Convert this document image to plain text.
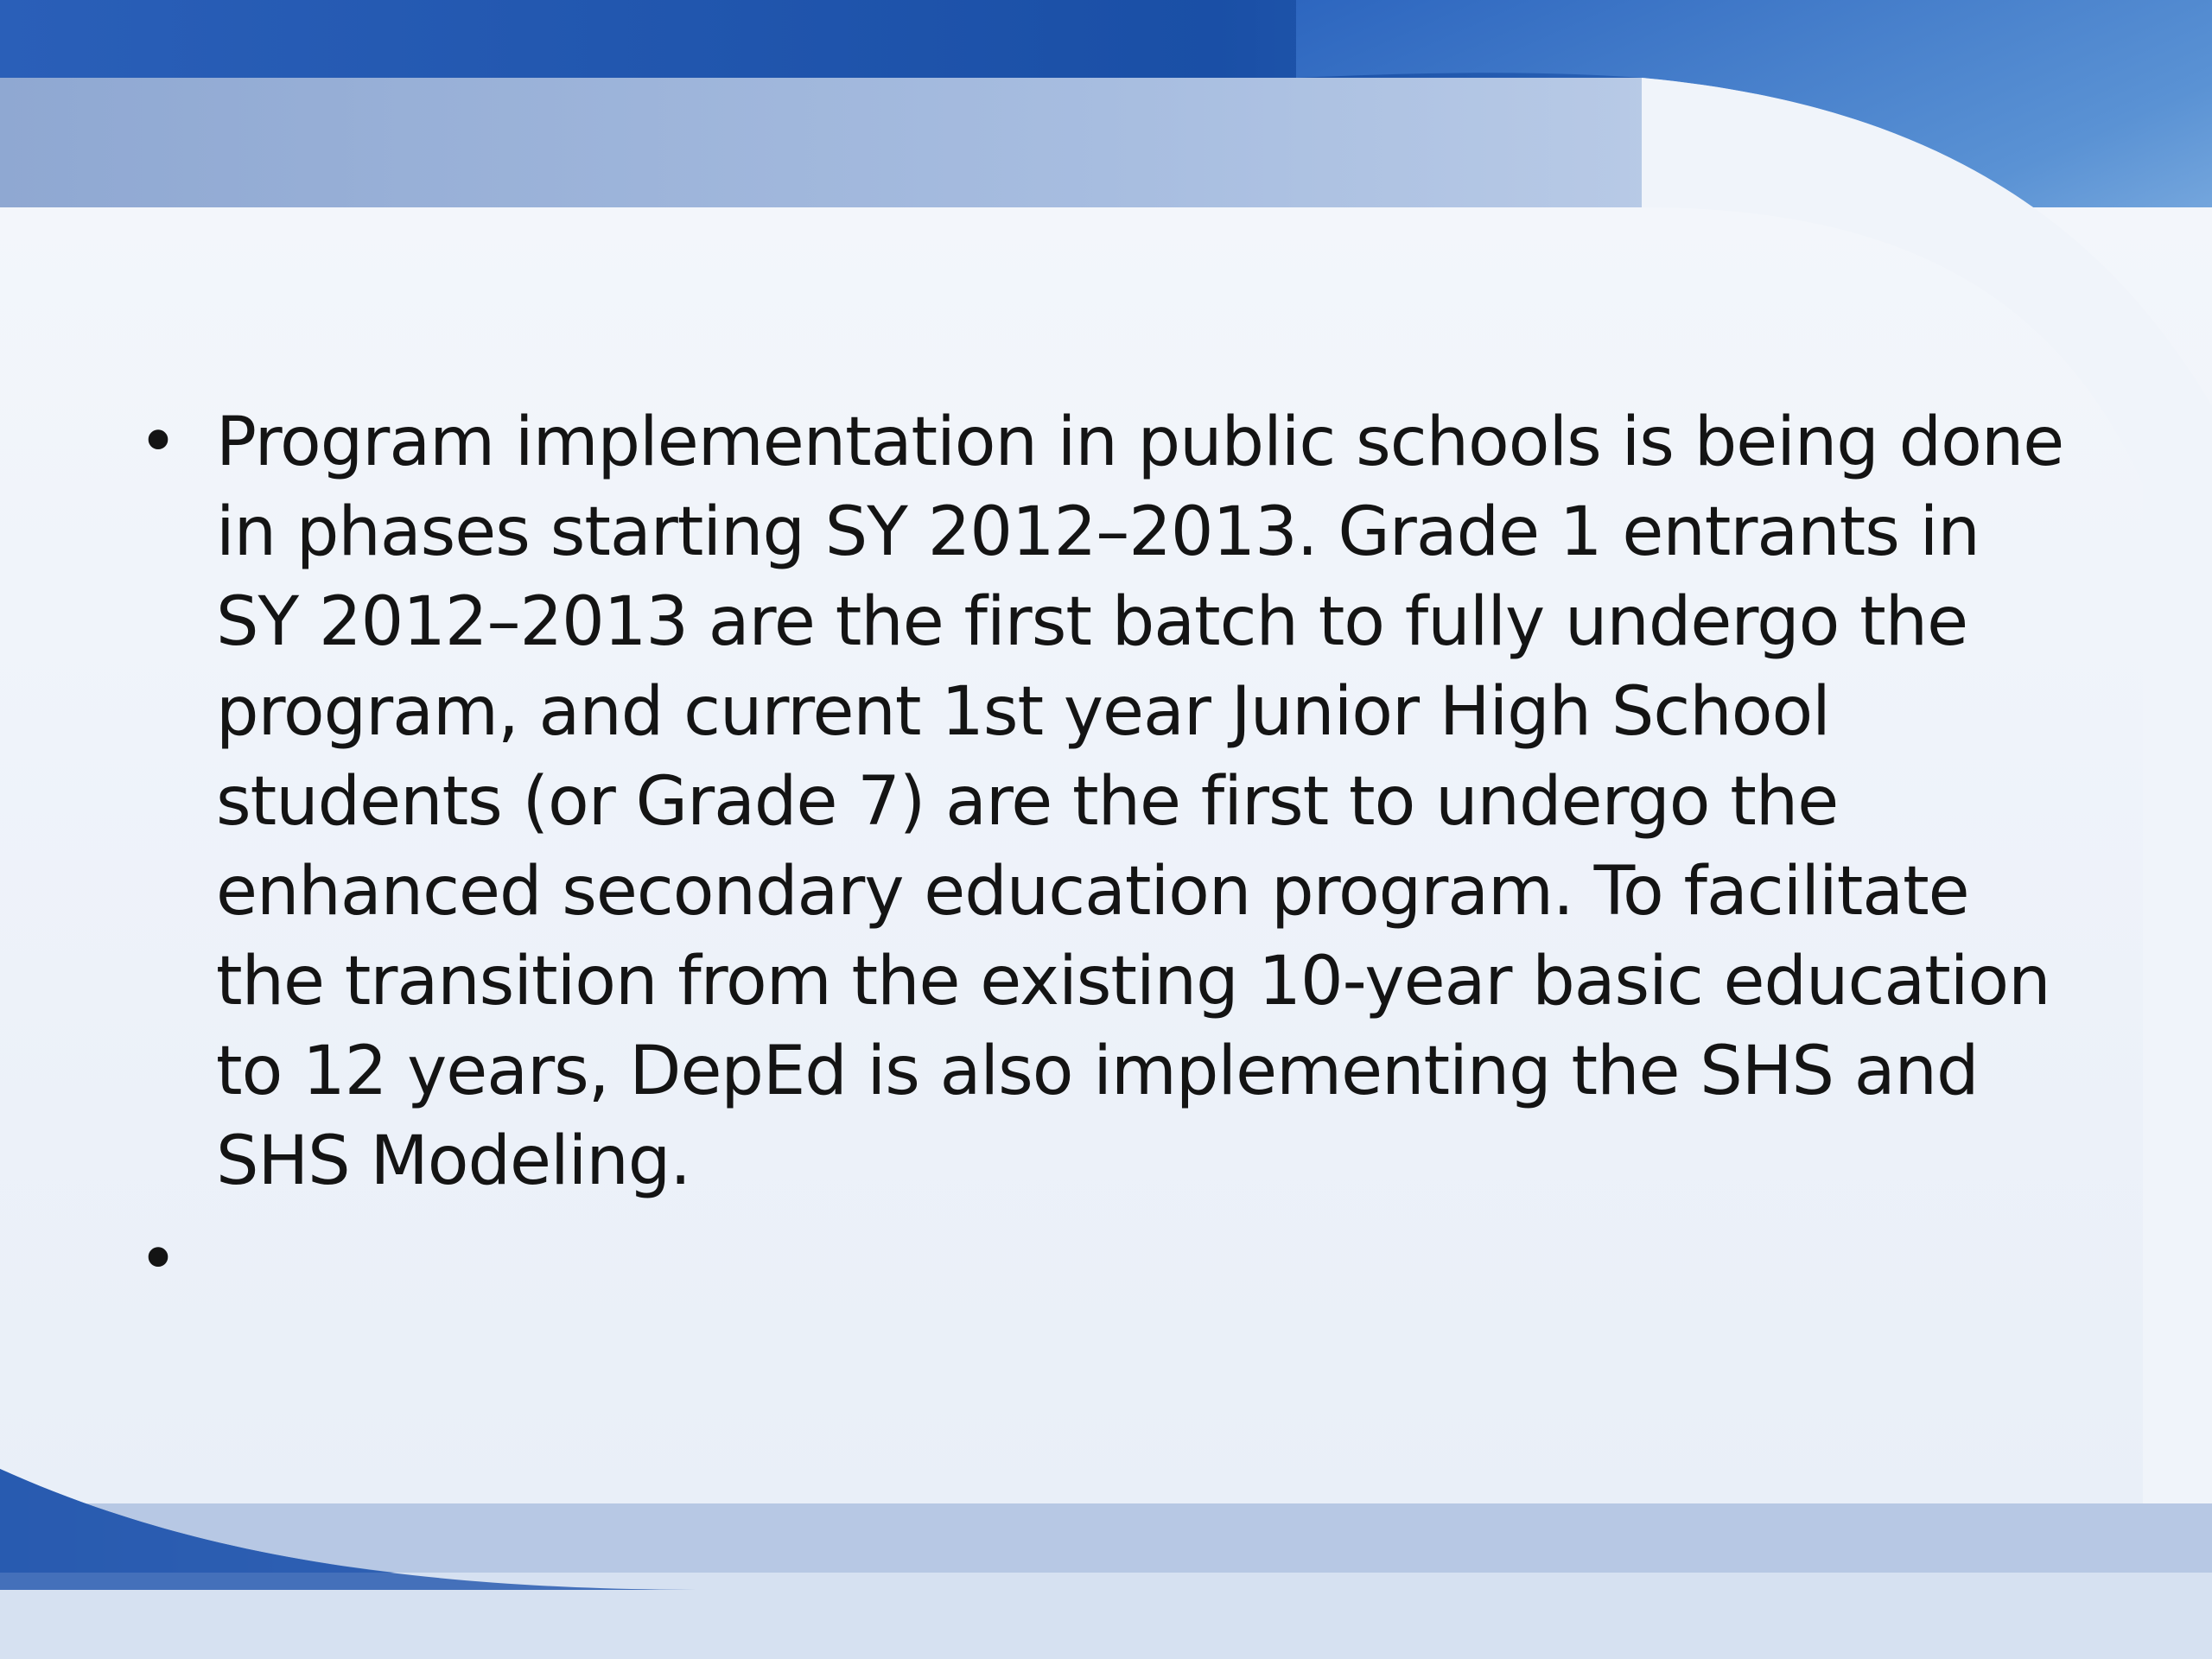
• Program implementation in public schools is being done in phases starting SY 2012–2013. Grade 1 entrants in SY 2012–2013 are the first batch to fully undergo the program, and current 1st year Junior High School students (or Grade 7) are the first to undergo the enhanced secondary education program. To facilitate the transition from the existing 10-year basic education to 12 years, DepEd is also implementing the SHS and SHS Modeling.
•
